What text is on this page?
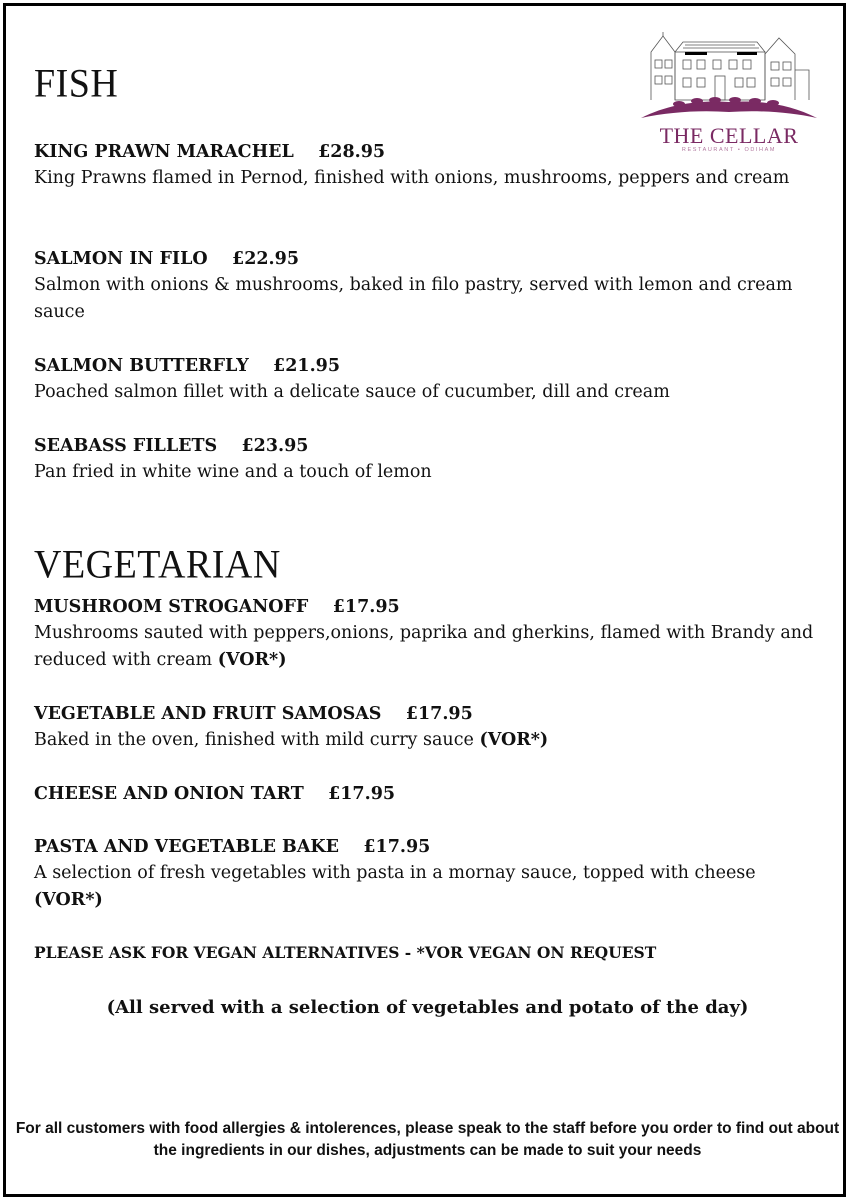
THE CELLAR
RESTAURANT • ODIHAM
FISH
KING PRAWN MARACHEL    £28.95
King Prawns flamed in Pernod, finished with onions, mushrooms, peppers and cream
SALMON IN FILO    £22.95
Salmon with onions & mushrooms, baked in filo pastry, served with lemon and cream sauce
SALMON BUTTERFLY    £21.95
Poached salmon fillet with a delicate sauce of cucumber, dill and cream
SEABASS FILLETS    £23.95
Pan fried in white wine and a touch of lemon
VEGETARIAN
MUSHROOM STROGANOFF    £17.95
Mushrooms sauted with peppers,onions, paprika and gherkins, flamed with Brandy and reduced with cream (VOR*)
VEGETABLE AND FRUIT SAMOSAS    £17.95
Baked in the oven, finished with mild curry sauce (VOR*)
CHEESE AND ONION TART    £17.95
PASTA AND VEGETABLE BAKE    £17.95
A selection of fresh vegetables with pasta in a mornay sauce, topped with cheese (VOR*)
PLEASE ASK FOR VEGAN ALTERNATIVES - *VOR VEGAN ON REQUEST
(All served with a selection of vegetables and potato of the day)
For all customers with food allergies & intolerences, please speak to the staff before you order to find out about the ingredients in our dishes, adjustments can be made to suit your needs
